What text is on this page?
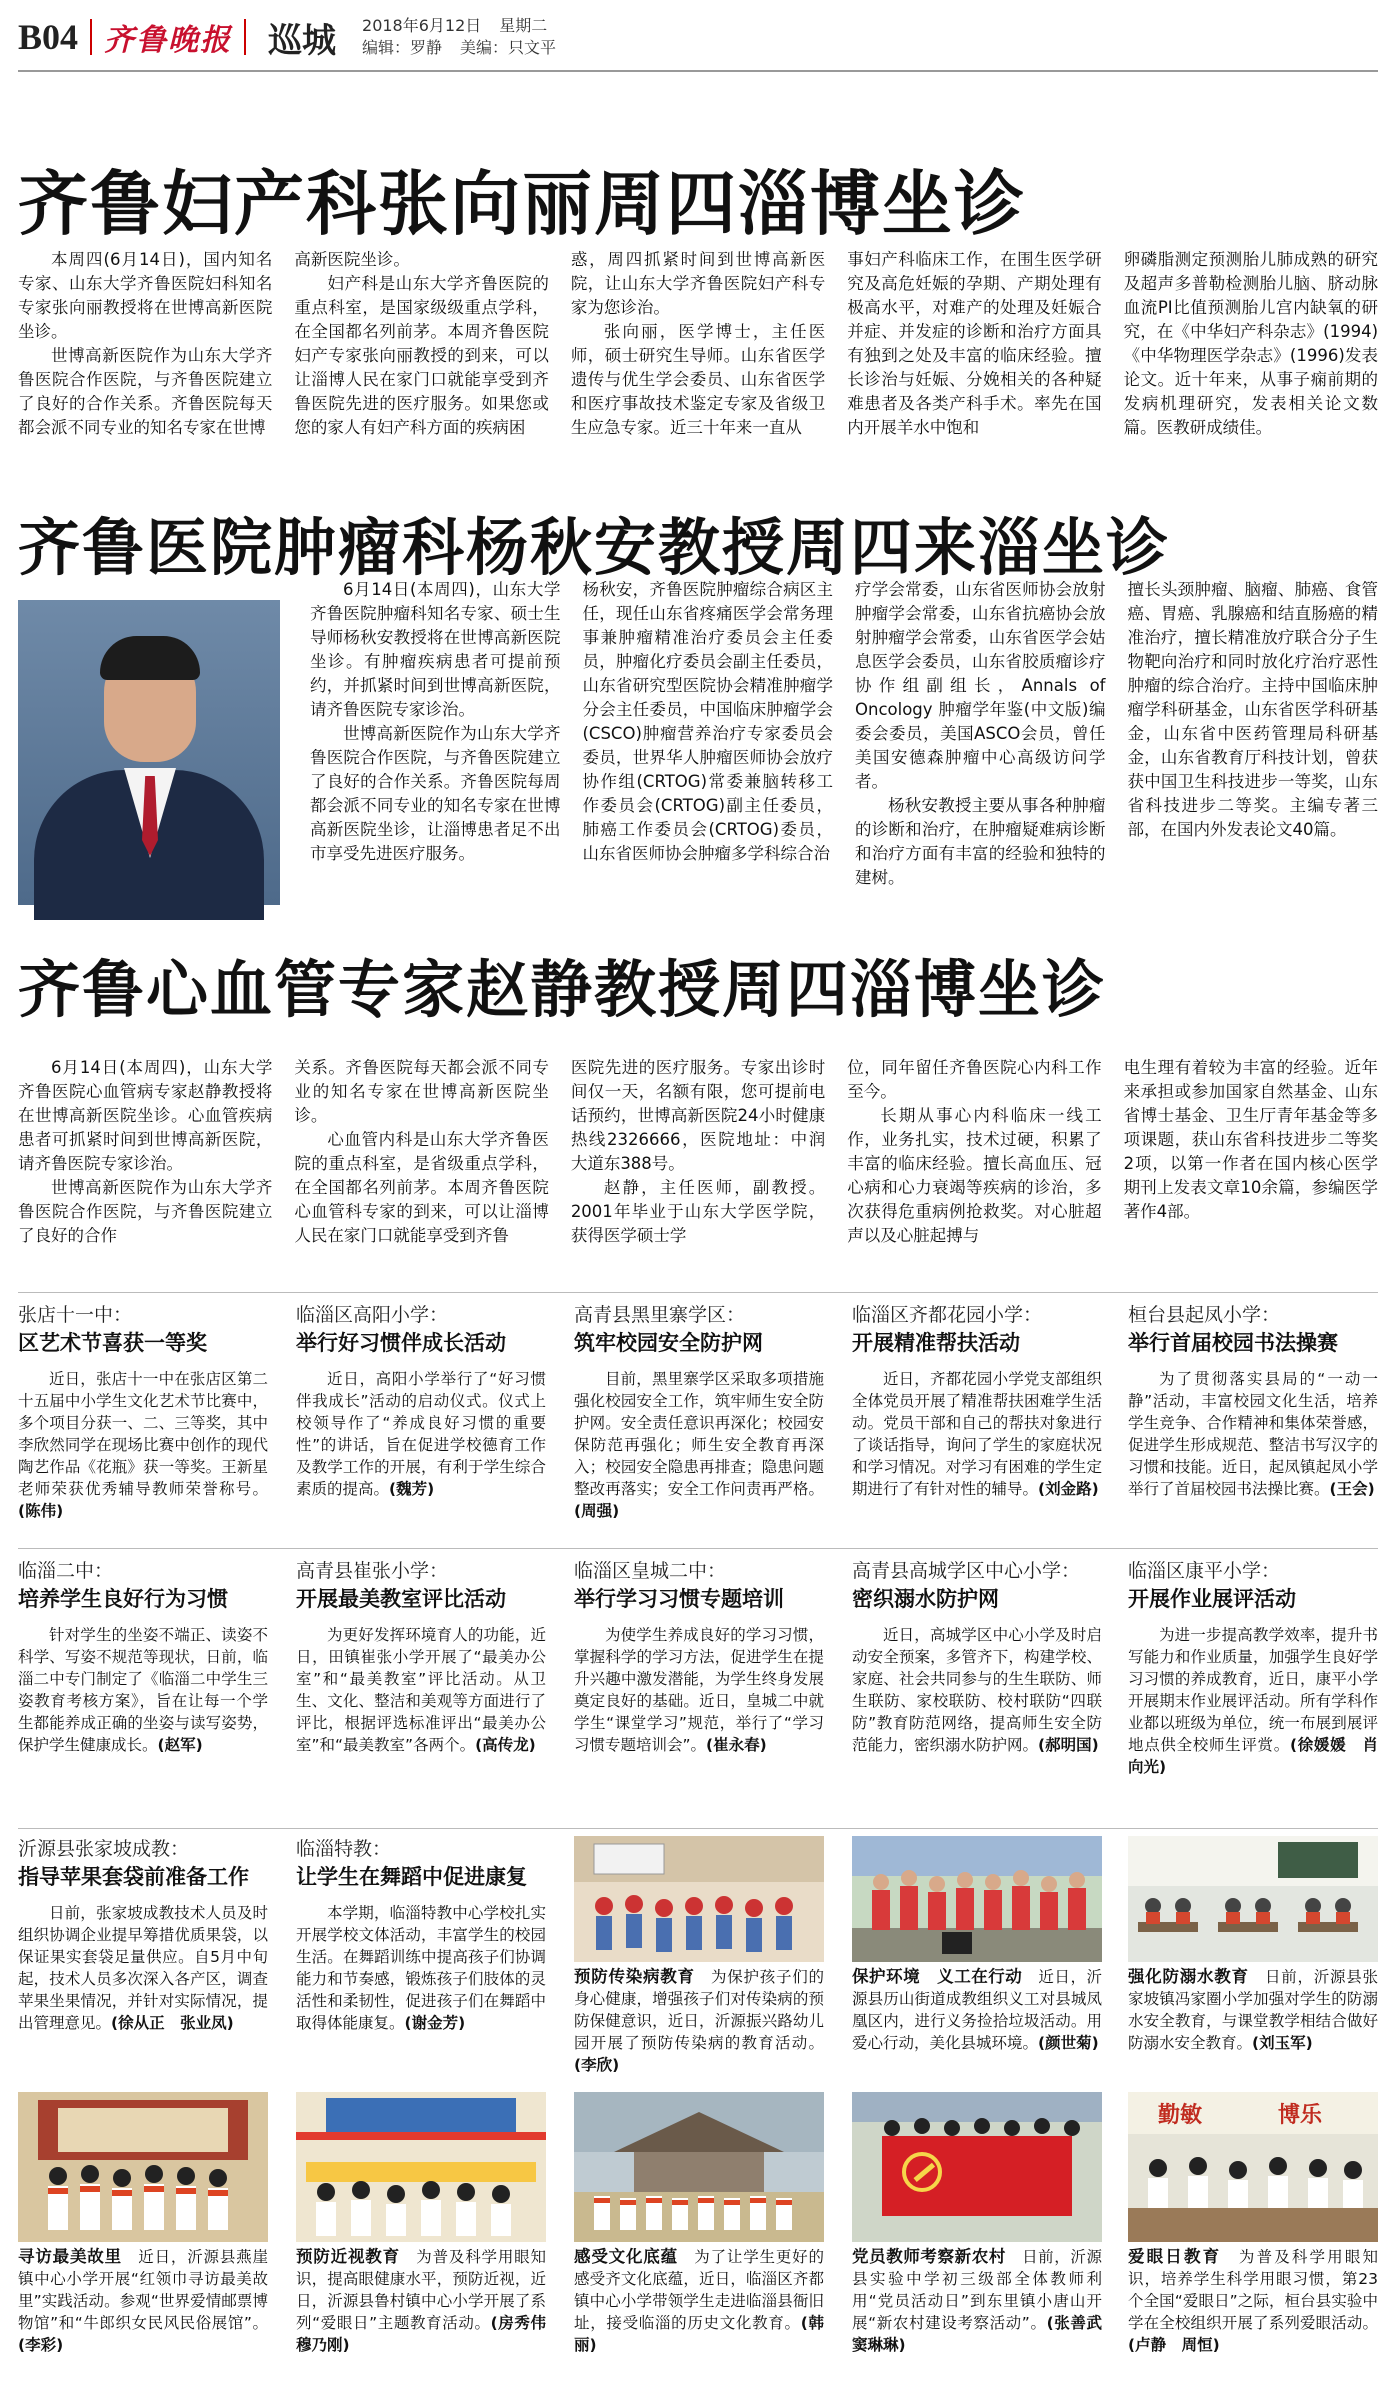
B04 齐鲁晚报 巡城 2018年6月12日 星期二
编辑：罗静 美编：只文平
齐鲁妇产科张向丽周四淄博坐诊

本周四(6月14日)，国内知名专家、山东大学齐鲁医院妇科知名专家张向丽教授将在世博高新医院坐诊。

世博高新医院作为山东大学齐鲁医院合作医院，与齐鲁医院建立了良好的合作关系。齐鲁医院每天都会派不同专业的知名专家在世博

高新医院坐诊。

妇产科是山东大学齐鲁医院的重点科室，是国家级级重点学科，在全国都名列前茅。本周齐鲁医院妇产专家张向丽教授的到来，可以让淄博人民在家门口就能享受到齐鲁医院先进的医疗服务。如果您或您的家人有妇产科方面的疾病困

惑，周四抓紧时间到世博高新医院，让山东大学齐鲁医院妇产科专家为您诊治。

张向丽，医学博士，主任医师，硕士研究生导师。山东省医学遗传与优生学会委员、山东省医学和医疗事故技术鉴定专家及省级卫生应急专家。近三十年来一直从

事妇产科临床工作，在围生医学研究及高危妊娠的孕期、产期处理有极高水平，对难产的处理及妊娠合并症、并发症的诊断和治疗方面具有独到之处及丰富的临床经验。擅长诊治与妊娠、分娩相关的各种疑难患者及各类产科手术。率先在国内开展羊水中饱和

卵磷脂测定预测胎儿肺成熟的研究及超声多普勒检测胎儿脑、脐动脉血流PI比值预测胎儿宫内缺氧的研究，在《中华妇产科杂志》(1994)《中华物理医学杂志》(1996)发表论文。近十年来，从事子痫前期的发病机理研究，发表相关论文数篇。医教研成绩佳。

齐鲁医院肿瘤科杨秋安教授周四来淄坐诊

6月14日(本周四)，山东大学齐鲁医院肿瘤科知名专家、硕士生导师杨秋安教授将在世博高新医院坐诊。有肿瘤疾病患者可提前预约，并抓紧时间到世博高新医院，请齐鲁医院专家诊治。

世博高新医院作为山东大学齐鲁医院合作医院，与齐鲁医院建立了良好的合作关系。齐鲁医院每周都会派不同专业的知名专家在世博高新医院坐诊，让淄博患者足不出市享受先进医疗服务。

杨秋安，齐鲁医院肿瘤综合病区主任，现任山东省疼痛医学会常务理事兼肿瘤精准治疗委员会主任委员，肿瘤化疗委员会副主任委员，山东省研究型医院协会精准肿瘤学分会主任委员，中国临床肿瘤学会(CSCO)肿瘤营养治疗专家委员会委员，世界华人肿瘤医师协会放疗协作组(CRTOG)常委兼脑转移工作委员会(CRTOG)副主任委员，肺癌工作委员会(CRTOG)委员，山东省医师协会肿瘤多学科综合治

疗学会常委，山东省医师协会放射肿瘤学会常委，山东省抗癌协会放射肿瘤学会常委，山东省医学会姑息医学会委员，山东省胶质瘤诊疗协作组副组长，Annals of Oncology 肿瘤学年鉴(中文版)编委会委员，美国ASCO会员，曾任美国安德森肿瘤中心高级访问学者。

杨秋安教授主要从事各种肿瘤的诊断和治疗，在肿瘤疑难病诊断和治疗方面有丰富的经验和独特的建树。

擅长头颈肿瘤、脑瘤、肺癌、食管癌、胃癌、乳腺癌和结直肠癌的精准治疗，擅长精准放疗联合分子生物靶向治疗和同时放化疗治疗恶性肿瘤的综合治疗。主持中国临床肿瘤学科研基金，山东省医学科研基金，山东省中医药管理局科研基金，山东省教育厅科技计划，曾获获中国卫生科技进步一等奖，山东省科技进步二等奖。主编专著三部，在国内外发表论文40篇。

齐鲁心血管专家赵静教授周四淄博坐诊

6月14日(本周四)，山东大学齐鲁医院心血管病专家赵静教授将在世博高新医院坐诊。心血管疾病患者可抓紧时间到世博高新医院，请齐鲁医院专家诊治。

世博高新医院作为山东大学齐鲁医院合作医院，与齐鲁医院建立了良好的合作

关系。齐鲁医院每天都会派不同专业的知名专家在世博高新医院坐诊。

心血管内科是山东大学齐鲁医院的重点科室，是省级重点学科，在全国都名列前茅。本周齐鲁医院心血管科专家的到来，可以让淄博人民在家门口就能享受到齐鲁

医院先进的医疗服务。专家出诊时间仅一天，名额有限，您可提前电话预约，世博高新医院24小时健康热线2326666，医院地址：中润大道东388号。

赵静，主任医师，副教授。2001年毕业于山东大学医学院，获得医学硕士学

位，同年留任齐鲁医院心内科工作至今。

长期从事心内科临床一线工作，业务扎实，技术过硬，积累了丰富的临床经验。擅长高血压、冠心病和心力衰竭等疾病的诊治，多次获得危重病例抢救奖。对心脏超声以及心脏起搏与

电生理有着较为丰富的经验。近年来承担或参加国家自然基金、山东省博士基金、卫生厅青年基金等多项课题，获山东省科技进步二等奖2项，以第一作者在国内核心医学期刊上发表文章10余篇，参编医学著作4部。

张店十一中：
区艺术节喜获一等奖
近日，张店十一中在张店区第二十五届中小学生文化艺术节比赛中，多个项目分获一、二、三等奖，其中李欣然同学在现场比赛中创作的现代陶艺作品《花瓶》获一等奖。王新星老师荣获优秀辅导教师荣誉称号。(陈伟)
临淄区高阳小学：
举行好习惯伴成长活动
近日，高阳小学举行了“好习惯伴我成长”活动的启动仪式。仪式上校领导作了“养成良好习惯的重要性”的讲话，旨在促进学校德育工作及教学工作的开展，有利于学生综合素质的提高。(魏芳)
高青县黑里寨学区：
筑牢校园安全防护网
目前，黑里寨学区采取多项措施强化校园安全工作，筑牢师生安全防护网。安全责任意识再深化；校园安保防范再强化；师生安全教育再深入；校园安全隐患再排查；隐患问题整改再落实；安全工作问责再严格。(周强)
临淄区齐都花园小学：
开展精准帮扶活动
近日，齐都花园小学党支部组织全体党员开展了精准帮扶困难学生活动。党员干部和自己的帮扶对象进行了谈话指导，询问了学生的家庭状况和学习情况。对学习有困难的学生定期进行了有针对性的辅导。(刘金路)
桓台县起凤小学：
举行首届校园书法操赛
为了贯彻落实县局的“一动一静”活动，丰富校园文化生活，培养学生竞争、合作精神和集体荣誉感，促进学生形成规范、整洁书写汉字的习惯和技能。近日，起凤镇起凤小学举行了首届校园书法操比赛。(王会)
临淄二中：
培养学生良好行为习惯
针对学生的坐姿不端正、读姿不科学、写姿不规范等现状，日前，临淄二中专门制定了《临淄二中学生三姿教育考核方案》，旨在让每一个学生都能养成正确的坐姿与读写姿势，保护学生健康成长。(赵军)
高青县崔张小学：
开展最美教室评比活动
为更好发挥环境育人的功能，近日，田镇崔张小学开展了“最美办公室”和“最美教室”评比活动。从卫生、文化、整洁和美观等方面进行了评比，根据评选标准评出“最美办公室”和“最美教室”各两个。(高传龙)
临淄区皇城二中：
举行学习习惯专题培训
为使学生养成良好的学习习惯，掌握科学的学习方法，促进学生在提升兴趣中激发潜能，为学生终身发展奠定良好的基础。近日，皇城二中就学生“课堂学习”规范，举行了“学习习惯专题培训会”。(崔永春)
高青县高城学区中心小学：
密织溺水防护网
近日，高城学区中心小学及时启动安全预案，多管齐下，构建学校、家庭、社会共同参与的生生联防、师生联防、家校联防、校村联防“四联防”教育防范网络，提高师生安全防范能力，密织溺水防护网。(郝明国)
临淄区康平小学：
开展作业展评活动
为进一步提高教学效率，提升书写能力和作业质量，加强学生良好学习习惯的养成教育，近日，康平小学开展期末作业展评活动。所有学科作业都以班级为单位，统一布展到展评地点供全校师生评赏。(徐媛媛　肖向光)
沂源县张家坡成教：
指导苹果套袋前准备工作
日前，张家坡成教技术人员及时组织协调企业提早筹措优质果袋，以保证果实套袋足量供应。自5月中旬起，技术人员多次深入各产区，调查苹果坐果情况，并针对实际情况，提出管理意见。(徐从正　张业凤)
临淄特教：
让学生在舞蹈中促进康复
本学期，临淄特教中心学校扎实开展学校文体活动，丰富学生的校园生活。在舞蹈训练中提高孩子们协调能力和节奏感，锻炼孩子们肢体的灵活性和柔韧性，促进孩子们在舞蹈中取得体能康复。(谢金芳)
预防传染病教育　 为保护孩子们的身心健康，增强孩子们对传染病的预防保健意识，近日，沂源振兴路幼儿园开展了预防传染病的教育活动。(李欣)
保护环境　义工在行动　 近日，沂源县历山街道成教组织义工对县城凤凰区内，进行义务捡拾垃圾活动。用爱心行动，美化县城环境。(颜世菊)
强化防溺水教育　 日前，沂源县张家坡镇冯家圈小学加强对学生的防溺水安全教育，与课堂教学相结合做好防溺水安全教育。(刘玉军)
寻访最美故里　 近日，沂源县燕崖镇中心小学开展“红领巾寻访最美故里”实践活动。参观“世界爱情邮票博物馆”和“牛郎织女民风民俗展馆”。(李彩)
预防近视教育　 为普及科学用眼知识，提高眼健康水平，预防近视，近日，沂源县鲁村镇中心小学开展了系列“爱眼日”主题教育活动。(房秀伟　穆乃刚)
感受文化底蕴　 为了让学生更好的感受齐文化底蕴，近日，临淄区齐都镇中心小学带领学生走进临淄县衙旧址，接受临淄的历史文化教育。(韩丽)
党员教师考察新农村　 日前，沂源县实验中学初三级部全体教师利用“党员活动日”到东里镇小唐山开展“新农村建设考察活动”。(张善武　窦琳琳)
勤敏	博乐
爱眼日教育　 为普及科学用眼知识，培养学生科学用眼习惯，第23个全国“爱眼日”之际，桓台县实验中学在全校组织开展了系列爱眼活动。(卢静　周恒)
